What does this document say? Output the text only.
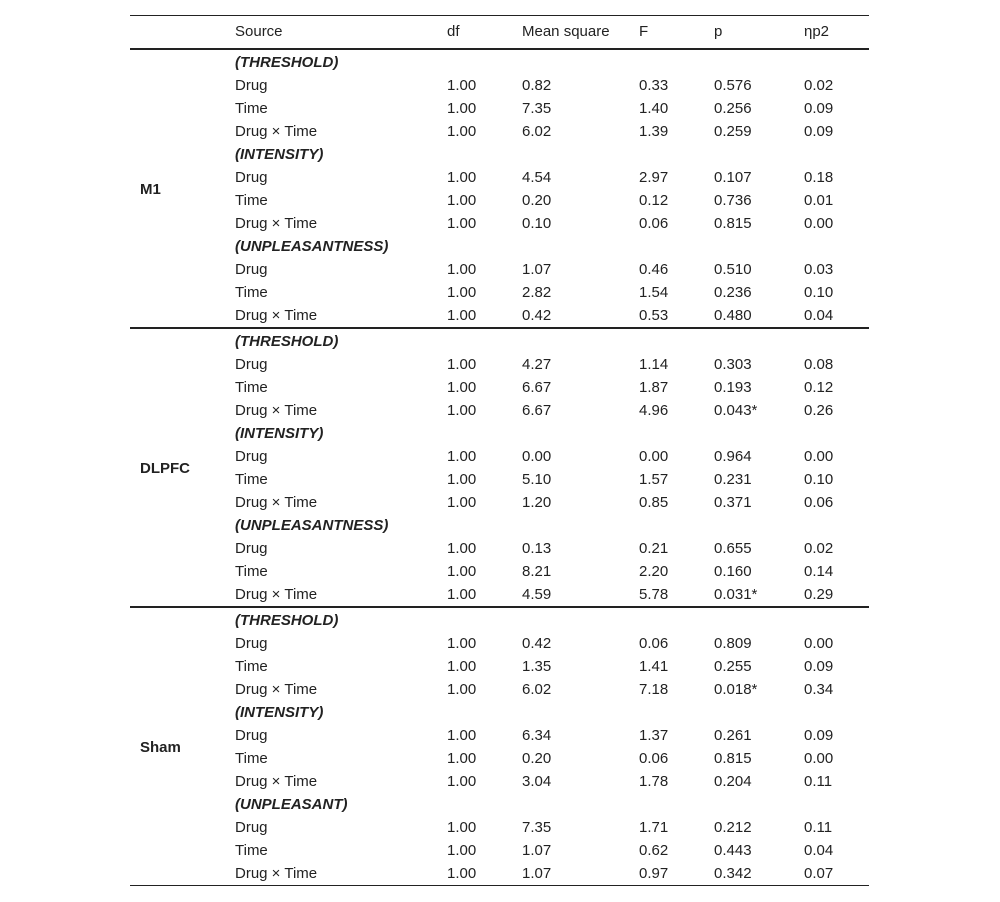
	Source	df	Mean square	F	p	ηp2
M1	(THRESHOLD)					
	Drug	1.00	0.82	0.33	0.576	0.02
	Time	1.00	7.35	1.40	0.256	0.09
	Drug × Time	1.00	6.02	1.39	0.259	0.09
	(INTENSITY)					
	Drug	1.00	4.54	2.97	0.107	0.18
	Time	1.00	0.20	0.12	0.736	0.01
	Drug × Time	1.00	0.10	0.06	0.815	0.00
	(UNPLEASANTNESS)					
	Drug	1.00	1.07	0.46	0.510	0.03
	Time	1.00	2.82	1.54	0.236	0.10
	Drug × Time	1.00	0.42	0.53	0.480	0.04
DLPFC	(THRESHOLD)					
	Drug	1.00	4.27	1.14	0.303	0.08
	Time	1.00	6.67	1.87	0.193	0.12
	Drug × Time	1.00	6.67	4.96	0.043*	0.26
	(INTENSITY)					
	Drug	1.00	0.00	0.00	0.964	0.00
	Time	1.00	5.10	1.57	0.231	0.10
	Drug × Time	1.00	1.20	0.85	0.371	0.06
	(UNPLEASANTNESS)					
	Drug	1.00	0.13	0.21	0.655	0.02
	Time	1.00	8.21	2.20	0.160	0.14
	Drug × Time	1.00	4.59	5.78	0.031*	0.29
Sham	(THRESHOLD)					
	Drug	1.00	0.42	0.06	0.809	0.00
	Time	1.00	1.35	1.41	0.255	0.09
	Drug × Time	1.00	6.02	7.18	0.018*	0.34
	(INTENSITY)					
	Drug	1.00	6.34	1.37	0.261	0.09
	Time	1.00	0.20	0.06	0.815	0.00
	Drug × Time	1.00	3.04	1.78	0.204	0.11
	(UNPLEASANT)					
	Drug	1.00	7.35	1.71	0.212	0.11
	Time	1.00	1.07	0.62	0.443	0.04
	Drug × Time	1.00	1.07	0.97	0.342	0.07
